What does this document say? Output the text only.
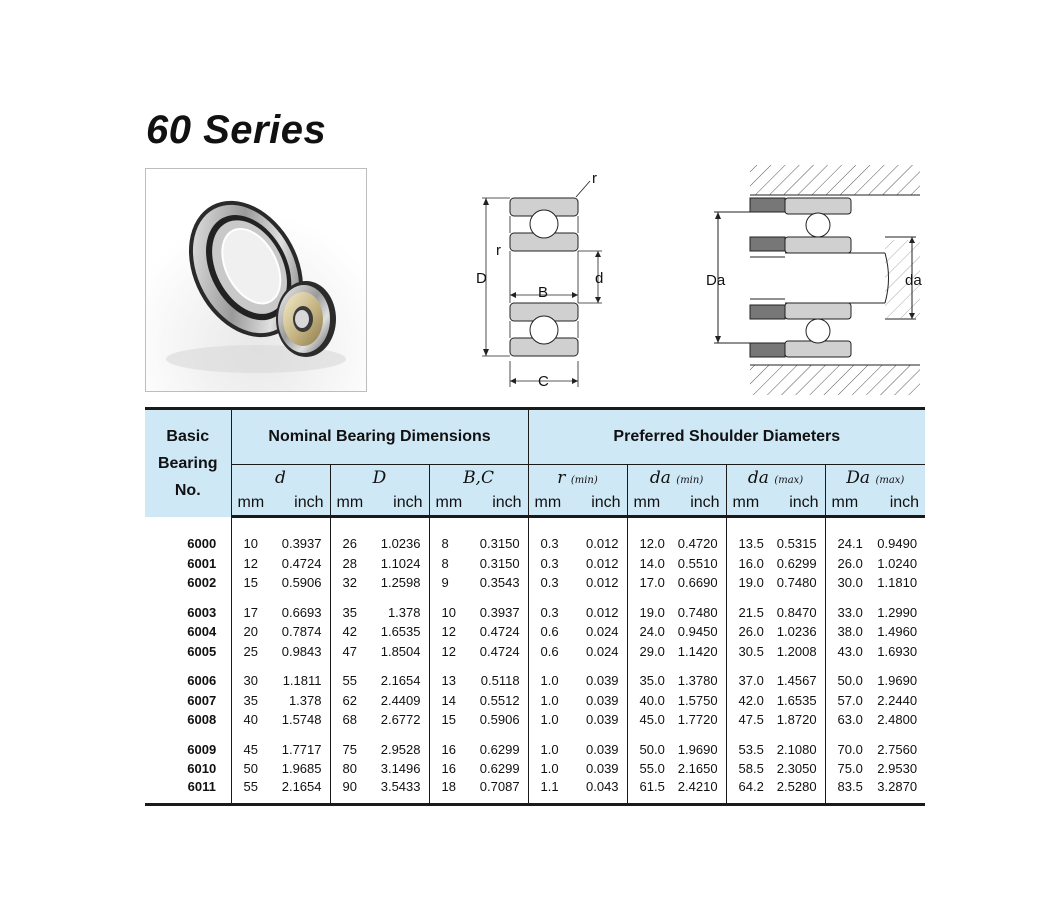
60 Series
r
r
D	d
B
C
Da	da
Basic
Bearing
No.	Nominal Bearing Dimensions						Preferred Shoulder Diameters							
	d		D		B,C		r (min)		da (min)		da (max)		Da (max)	
	mm	inch	mm	inch	mm	inch	mm	inch	mm	inch	mm	inch	mm	inch

6000	10	0.3937	26	1.0236	8	0.3150	0.3	0.012	12.0	0.4720	13.5	0.5315	24.1	0.9490
6001	12	0.4724	28	1.1024	8	0.3150	0.3	0.012	14.0	0.5510	16.0	0.6299	26.0	1.0240
6002	15	0.5906	32	1.2598	9	0.3543	0.3	0.012	17.0	0.6690	19.0	0.7480	30.0	1.1810

6003	17	0.6693	35	1.378	10	0.3937	0.3	0.012	19.0	0.7480	21.5	0.8470	33.0	1.2990
6004	20	0.7874	42	1.6535	12	0.4724	0.6	0.024	24.0	0.9450	26.0	1.0236	38.0	1.4960
6005	25	0.9843	47	1.8504	12	0.4724	0.6	0.024	29.0	1.1420	30.5	1.2008	43.0	1.6930

6006	30	1.1811	55	2.1654	13	0.5118	1.0	0.039	35.0	1.3780	37.0	1.4567	50.0	1.9690
6007	35	1.378	62	2.4409	14	0.5512	1.0	0.039	40.0	1.5750	42.0	1.6535	57.0	2.2440
6008	40	1.5748	68	2.6772	15	0.5906	1.0	0.039	45.0	1.7720	47.5	1.8720	63.0	2.4800

6009	45	1.7717	75	2.9528	16	0.6299	1.0	0.039	50.0	1.9690	53.5	2.1080	70.0	2.7560
6010	50	1.9685	80	3.1496	16	0.6299	1.0	0.039	55.0	2.1650	58.5	2.3050	75.0	2.9530
6011	55	2.1654	90	3.5433	18	0.7087	1.1	0.043	61.5	2.4210	64.2	2.5280	83.5	3.2870
